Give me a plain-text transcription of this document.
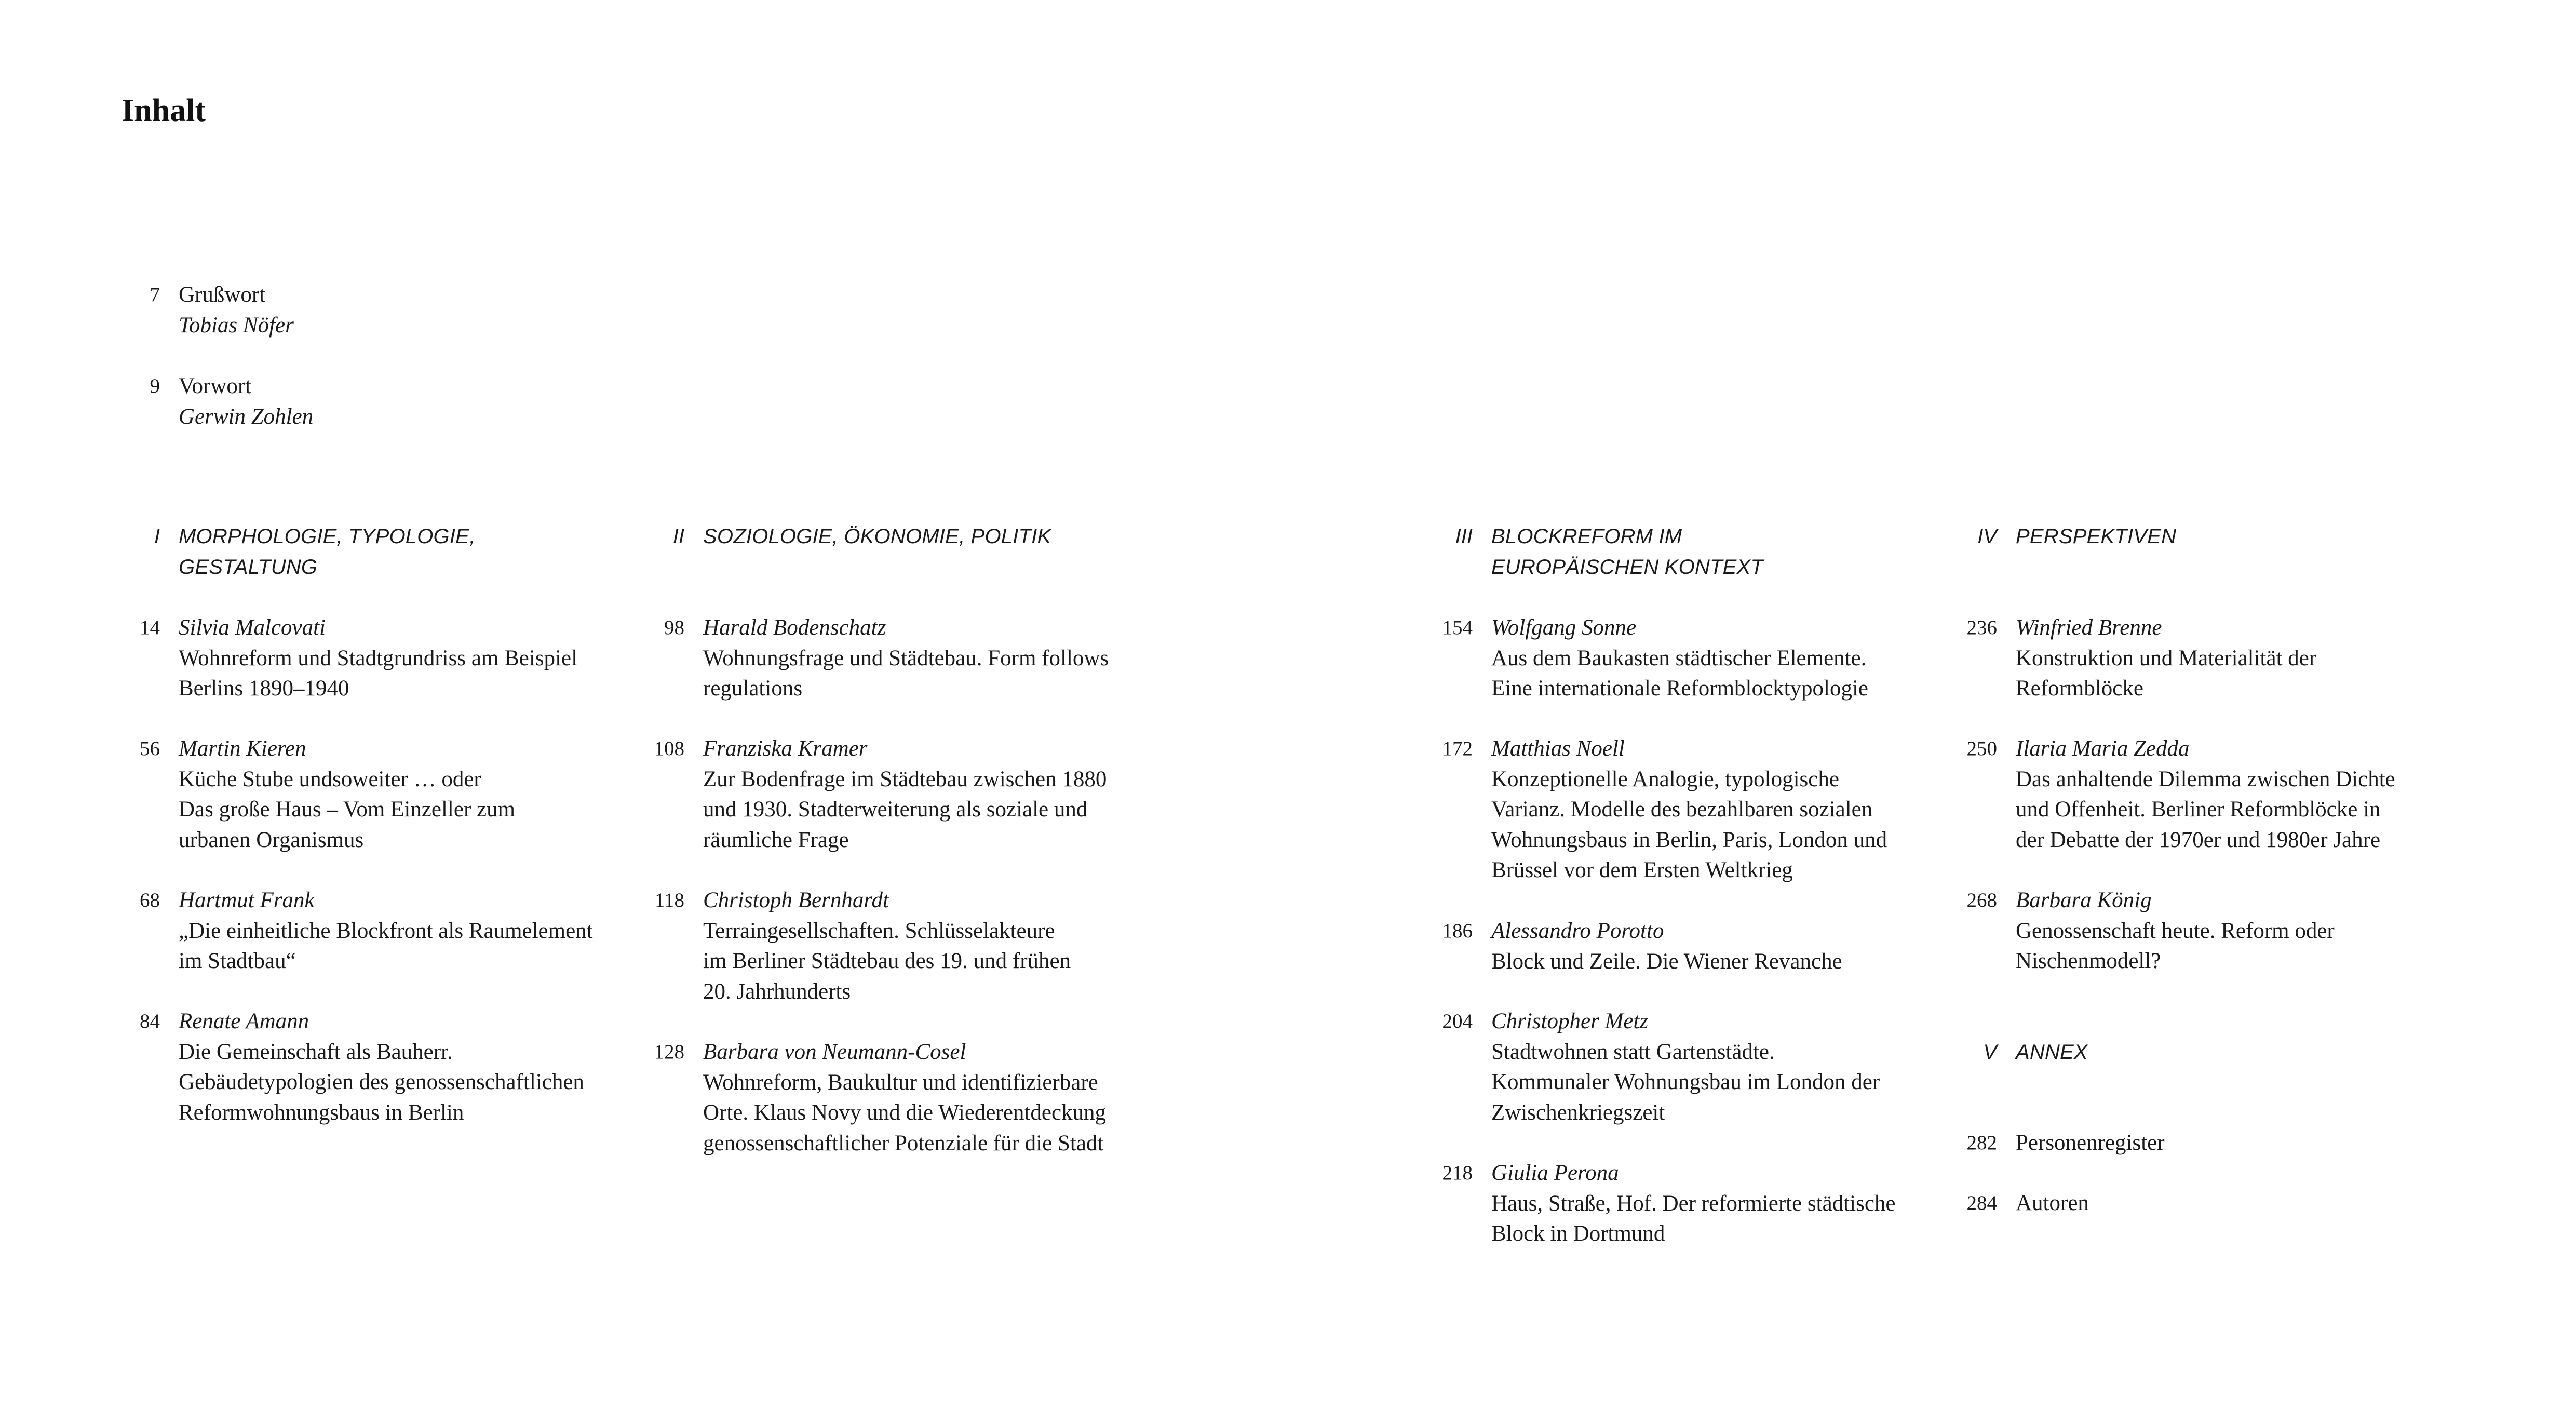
Inhalt
7 Grußwort
Tobias Nöfer
9 Vorwort
Gerwin Zohlen
I MORPHOLOGIE, TYPOLOGIE,
GESTALTUNG
14 Silvia Malcovati
Wohnreform und Stadtgrundriss am Beispiel
Berlins 1890–1940
56 Martin Kieren
Küche Stube undsoweiter … oder
Das große Haus – Vom Einzeller zum
urbanen Organismus
68 Hartmut Frank
„Die einheitliche Blockfront als Raumelement
im Stadtbau“
84 Renate Amann
Die Gemeinschaft als Bauherr.
Gebäudetypologien des genossenschaftlichen
Reformwohnungsbaus in Berlin
II SOZIOLOGIE, ÖKONOMIE, POLITIK
98 Harald Bodenschatz
Wohnungsfrage und Städtebau. Form follows
regulations
108 Franziska Kramer
Zur Bodenfrage im Städtebau zwischen 1880
und 1930. Stadterweiterung als soziale und
räumliche Frage
118 Christoph Bernhardt
Terraingesellschaften. Schlüsselakteure
im Berliner Städtebau des 19. und frühen
20. Jahrhunderts
128 Barbara von Neumann-Cosel
Wohnreform, Baukultur und identifizierbare
Orte. Klaus Novy und die Wiederentdeckung
genossenschaftlicher Potenziale für die Stadt
III BLOCKREFORM IM
EUROPÄISCHEN KONTEXT
154 Wolfgang Sonne
Aus dem Baukasten städtischer Elemente.
Eine internationale Reformblocktypologie
172 Matthias Noell
Konzeptionelle Analogie, typologische
Varianz. Modelle des bezahlbaren sozialen
Wohnungsbaus in Berlin, Paris, London und
Brüssel vor dem Ersten Weltkrieg
186 Alessandro Porotto
Block und Zeile. Die Wiener Revanche
204 Christopher Metz
Stadtwohnen statt Gartenstädte.
Kommunaler Wohnungsbau im London der
Zwischenkriegszeit
218 Giulia Perona
Haus, Straße, Hof. Der reformierte städtische
Block in Dortmund
IV PERSPEKTIVEN
236 Winfried Brenne
Konstruktion und Materialität der
Reformblöcke
250 Ilaria Maria Zedda
Das anhaltende Dilemma zwischen Dichte
und Offenheit. Berliner Reformblöcke in
der Debatte der 1970er und 1980er Jahre
268 Barbara König
Genossenschaft heute. Reform oder
Nischenmodell?
V ANNEX
282 Personenregister
284 Autoren
